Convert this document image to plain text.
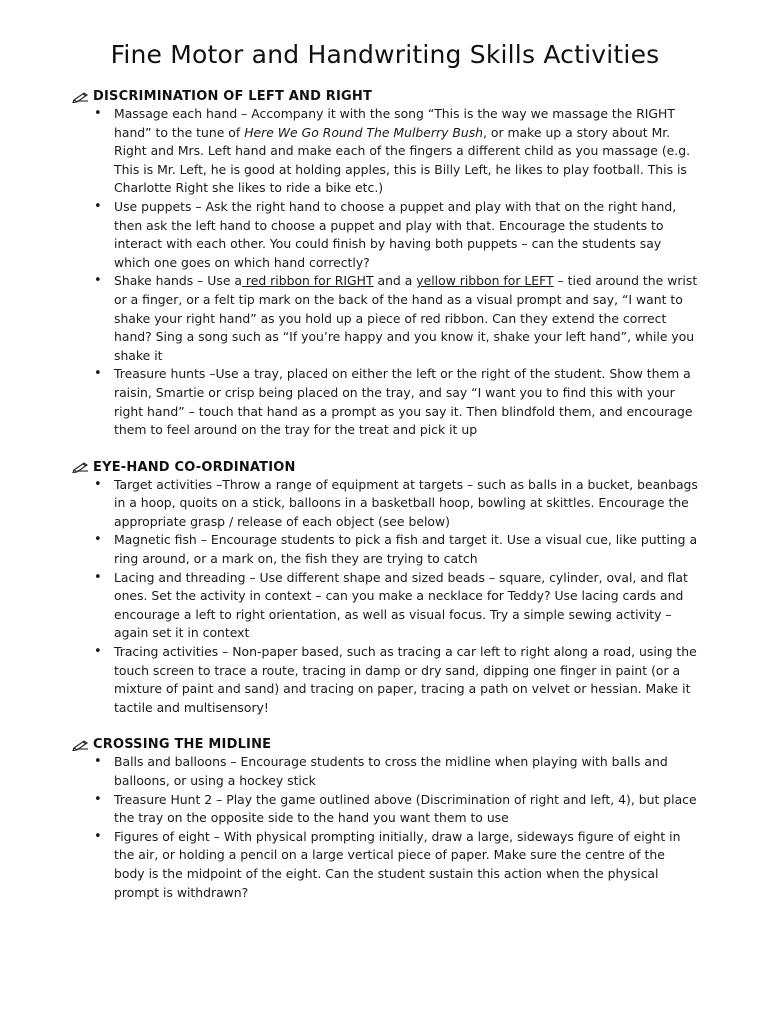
Fine Motor and Handwriting Skills Activities
DISCRIMINATION OF LEFT AND RIGHT
• Massage each hand – Accompany it with the song “This is the way we massage the RIGHT hand” to the tune of Here We Go Round The Mulberry Bush, or make up a story about Mr. Right and Mrs. Left hand and make each of the fingers a different child as you massage (e.g. This is Mr. Left, he is good at holding apples, this is Billy Left, he likes to play football. This is Charlotte Right she likes to ride a bike etc.)
• Use puppets – Ask the right hand to choose a puppet and play with that on the right hand, then ask the left hand to choose a puppet and play with that. Encourage the students to interact with each other. You could finish by having both puppets – can the students say which one goes on which hand correctly?
• Shake hands – Use a red ribbon for RIGHT and a yellow ribbon for LEFT – tied around the wrist or a finger, or a felt tip mark on the back of the hand as a visual prompt and say, “I want to shake your right hand” as you hold up a piece of red ribbon. Can they extend the correct hand? Sing a song such as “If you’re happy and you know it, shake your left hand”, while you shake it
• Treasure hunts –Use a tray, placed on either the left or the right of the student. Show them a raisin, Smartie or crisp being placed on the tray, and say “I want you to find this with your right hand” – touch that hand as a prompt as you say it. Then blindfold them, and encourage them to feel around on the tray for the treat and pick it up
EYE-HAND CO-ORDINATION
• Target activities –Throw a range of equipment at targets – such as balls in a bucket, beanbags in a hoop, quoits on a stick, balloons in a basketball hoop, bowling at skittles. Encourage the appropriate grasp / release of each object (see below)
• Magnetic fish – Encourage students to pick a fish and target it. Use a visual cue, like putting a ring around, or a mark on, the fish they are trying to catch
• Lacing and threading – Use different shape and sized beads – square, cylinder, oval, and flat ones. Set the activity in context – can you make a necklace for Teddy? Use lacing cards and encourage a left to right orientation, as well as visual focus. Try a simple sewing activity – again set it in context
• Tracing activities – Non-paper based, such as tracing a car left to right along a road, using the touch screen to trace a route, tracing in damp or dry sand, dipping one finger in paint (or a mixture of paint and sand) and tracing on paper, tracing a path on velvet or hessian. Make it tactile and multisensory!
CROSSING THE MIDLINE
• Balls and balloons – Encourage students to cross the midline when playing with balls and balloons, or using a hockey stick
• Treasure Hunt 2 – Play the game outlined above (Discrimination of right and left, 4), but place the tray on the opposite side to the hand you want them to use
• Figures of eight – With physical prompting initially, draw a large, sideways figure of eight in the air, or holding a pencil on a large vertical piece of paper. Make sure the centre of the body is the midpoint of the eight. Can the student sustain this action when the physical prompt is withdrawn?
